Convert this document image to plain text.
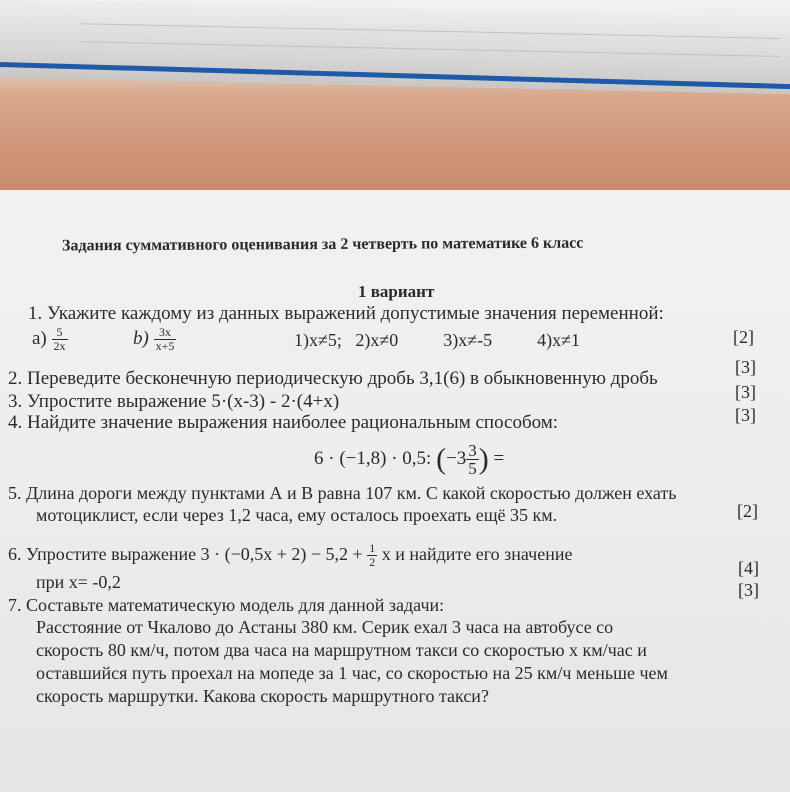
Задания суммативного оценивания за 2 четверть по математике 6 класс
1 вариант
1. Укажите каждому из данных выражений допустимые значения переменной:
$a) \frac{5}{2x}$	$b) \frac{3x}{x+5}$	1)x≠5;   2)x≠0          3)x≠-5          4)x≠1	[2]
2. Переведите бесконечную периодическую дробь 3,1(6) в обыкновенную дробь
[3]
3. Упростите выражение 5·(x-3) - 2·(4+x)	[3]
4. Найдите значение выражения наиболее рациональным способом:	[3]
6 · (−1,8) · 0,5: ($-3 \frac{3}{5}$ ) =
5. Длина дороги между пунктами А и В равна 107 км. С какой скоростью должен ехать
мотоциклист, если через 1,2 часа, ему осталось проехать ещё 35 км.	[2]
6. Упростите выражение $3 \cdot (-0,5x + 2) - 5,2 + \frac{1}{2}$ x и найдите его значение
при x= -0,2
[4]
7. Составьте математическую модель для данной задачи:
[3]
Расстояние от Чкалово до Астаны 380 км. Серик ехал 3 часа на автобусе со
скорость 80 км/ч, потом два часа на маршрутном такси со скоростью x км/час и
оставшийся путь проехал на мопеде за 1 час, со скоростью на 25 км/ч меньше чем
скорость маршрутки. Какова скорость маршрутного такси?
